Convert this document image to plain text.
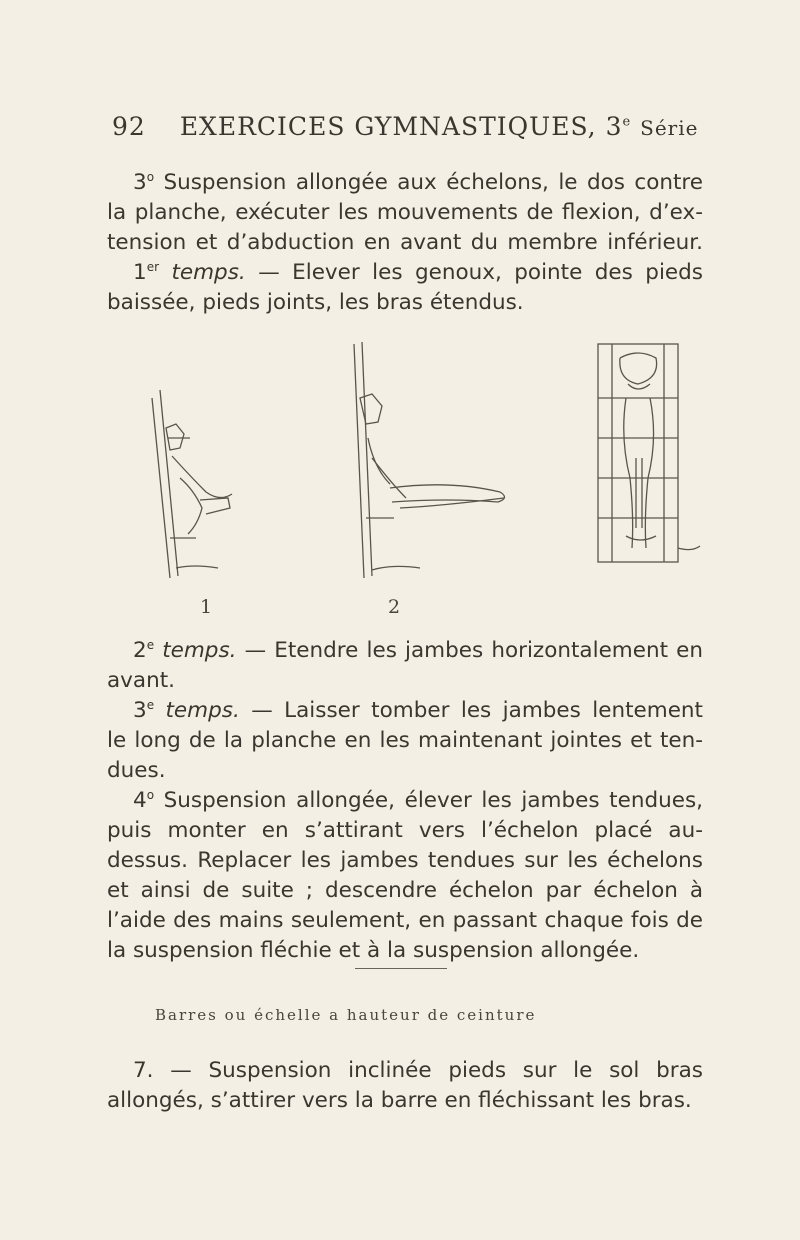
92 EXERCICES GYMNASTIQUES, 3e Série
3$^o$ Suspension allongée aux échelons, le dos contre
la planche, exécuter les mouvements de flexion, d’ex-
tension et d’abduction en avant du membre inférieur.
1er temps. — Elever les genoux, pointe des pieds
baissée, pieds joints, les bras étendus.
1	2
2e temps. — Etendre les jambes horizontalement en
avant.
3e temps. — Laisser tomber les jambes lentement
le long de la planche en les maintenant jointes et ten-
dues.
4$^o$ Suspension allongée, élever les jambes tendues,
puis monter en s’attirant vers l’échelon placé au-
dessus. Replacer les jambes tendues sur les échelons
et ainsi de suite ; descendre échelon par échelon à
l’aide des mains seulement, en passant chaque fois de
la suspension fléchie et à la suspension allongée.
Barres ou échelle a hauteur de ceinture
7. — Suspension inclinée pieds sur le sol bras
allongés, s’attirer vers la barre en fléchissant les bras.
